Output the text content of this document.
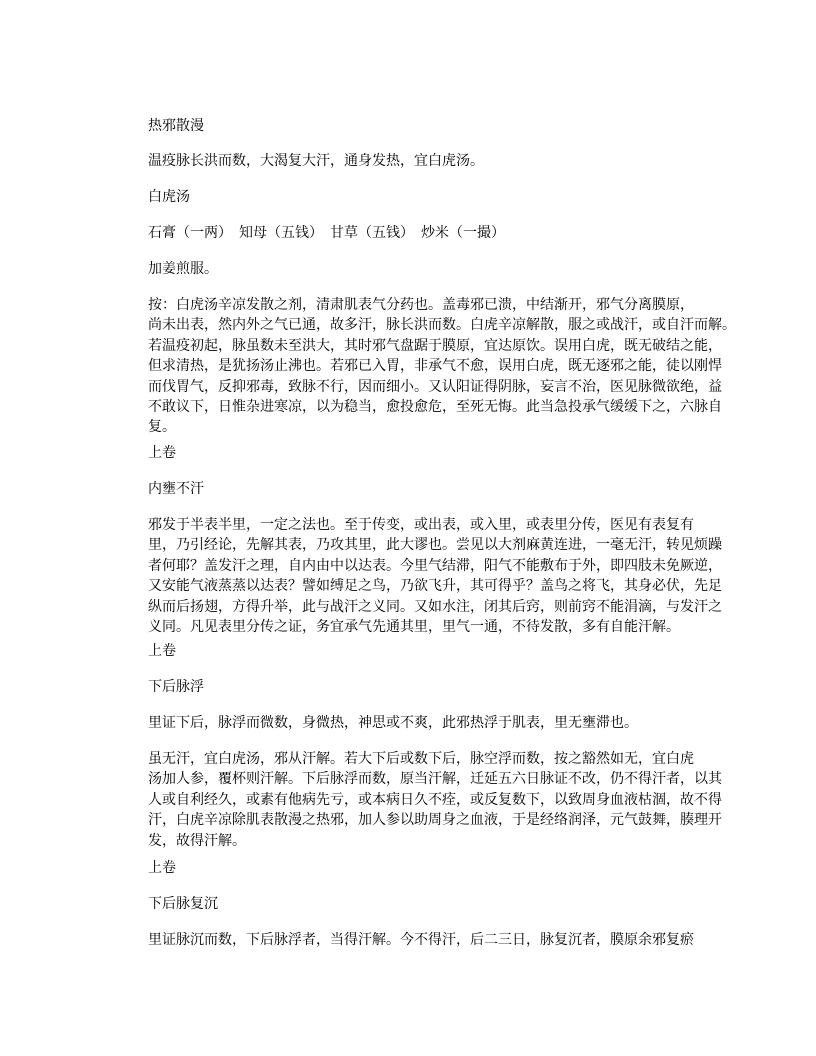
热邪散漫
温疫脉长洪而数，大渴复大汗，通身发热，宜白虎汤。
白虎汤
石膏（一两）　知母（五钱）　甘草（五钱）　炒米（一撮）
加姜煎服。
按：白虎汤辛凉发散之剂，清肃肌表气分药也。盖毒邪已溃，中结渐开，邪气分离膜原，
尚未出表，然内外之气已通，故多汗，脉长洪而数。白虎辛凉解散，服之或战汗，或自汗而解。
若温疫初起，脉虽数未至洪大，其时邪气盘踞于膜原，宜达原饮。误用白虎，既无破结之能，
但求清热，是犹扬汤止沸也。若邪已入胃，非承气不愈，误用白虎，既无逐邪之能，徒以刚悍
而伐胃气，反抑邪毒，致脉不行，因而细小。又认阳证得阴脉，妄言不治，医见脉微欲绝，益
不敢议下，日惟杂进寒凉，以为稳当，愈投愈危，至死无悔。此当急投承气缓缓下之，六脉自
复。
上卷
内壅不汗
邪发于半表半里，一定之法也。至于传变，或出表，或入里，或表里分传，医见有表复有
里，乃引经论，先解其表，乃攻其里，此大谬也。尝见以大剂麻黄连进，一毫无汗，转见烦躁
者何耶？盖发汗之理，自内由中以达表。今里气结滞，阳气不能敷布于外，即四肢未免厥逆，
又安能气液蒸蒸以达表？譬如缚足之鸟，乃欲飞升，其可得乎？盖鸟之将飞，其身必伏，先足
纵而后扬翅，方得升举，此与战汗之义同。又如水注，闭其后窍，则前窍不能涓滴，与发汗之
义同。凡见表里分传之证，务宜承气先通其里，里气一通，不待发散，多有自能汗解。
上卷
下后脉浮
里证下后，脉浮而微数，身微热，神思或不爽，此邪热浮于肌表，里无壅滞也。
虽无汗，宜白虎汤，邪从汗解。若大下后或数下后，脉空浮而数，按之豁然如无，宜白虎
汤加人参，覆杯则汗解。下后脉浮而数，原当汗解，迁延五六日脉证不改，仍不得汗者，以其
人或自利经久，或素有他病先亏，或本病日久不痊，或反复数下，以致周身血液枯涸，故不得
汗，白虎辛凉除肌表散漫之热邪，加人参以助周身之血液，于是经络润泽，元气鼓舞，腠理开
发，故得汗解。
上卷
下后脉复沉
里证脉沉而数，下后脉浮者，当得汗解。今不得汗，后二三日，脉复沉者，膜原余邪复瘀
